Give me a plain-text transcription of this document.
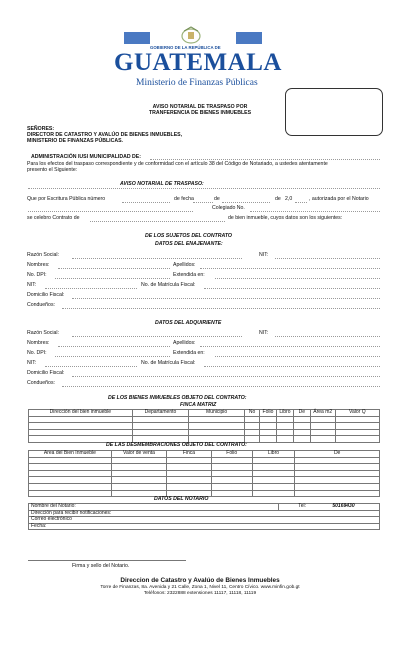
GOBIERNO DE LA REPÚBLICA DE
GUATEMALA
Ministerio de Finanzas Públicas
AVISO NOTARIAL DE TRASPASO POR
TRANFERENCIA DE BIENES INMUEBLES
SEÑORES:
DIRECTOR DE CATASTRO Y AVALÚO DE BIENES INMUEBLES,
MINISTERIO DE FINANZAS PÚBLICAS.
ADMINISTRACIÓN IUSI MUNICIPALIDAD DE:
Para los efectos del traspaso correspondiente y de conformidad con el artículo 38 del Código de Notariado, a ustedes atentamente
presento el Siguiente:
AVISO NOTARIAL DE TRASPASO:
Que por Escritura Pública número	de fecha	de	de 2,0	, autorizada por el Notario
Colegiado No.
se celebro Contrato de	de bien inmueble, cuyos datos son los siguientes:
DE LOS SUJETOS DEL CONTRATO
DATOS DEL ENAJENANTE:
Razón Social:	NIT:
Nombres:	Apellidos:
No. DPI:	Extendida en:
NIT:	No. de Matrícula Fiscal:
Domicilio Fiscal:
Condueños:
DATOS DEL ADQUIRIENTE
Razón Social:	NIT:
Nombres:	Apellidos:
No. DPI:	Extendida en:
NIT:	No. de Matrícula Fiscal:
Domicilio Fiscal:
Condueños:
DE LOS BIENES INMUEBLES OBJETO DEL CONTRATO:
FINCA MATRIZ
Dirección del bien inmueble	Departamento	Municipio	No	Folio	Libro	De	Área m2	Valor Q

DE LAS DESMEMBRACIONES OBJETO DEL CONTRATO:
Area del Bien Inmueble	Valor de venta	Finca	Folio	Libro	De

DATOS DEL NOTARIO
Nombre del Notario:	Tel:	50169430
Dirección para recibir notificaciones:
Correo electrónico
Fecha:
Firma y sello del Notario.
Direccion de Catastro y Avalúo de Bienes Inmuebles
Torre de Finanzas, 8a. Avenida y 21 Calle, Zona 1, Nivel 11, Centro Cívico. www.minfin.gob.gt
Teléfonos: 2322888 extensiones 11117, 11118, 11119
